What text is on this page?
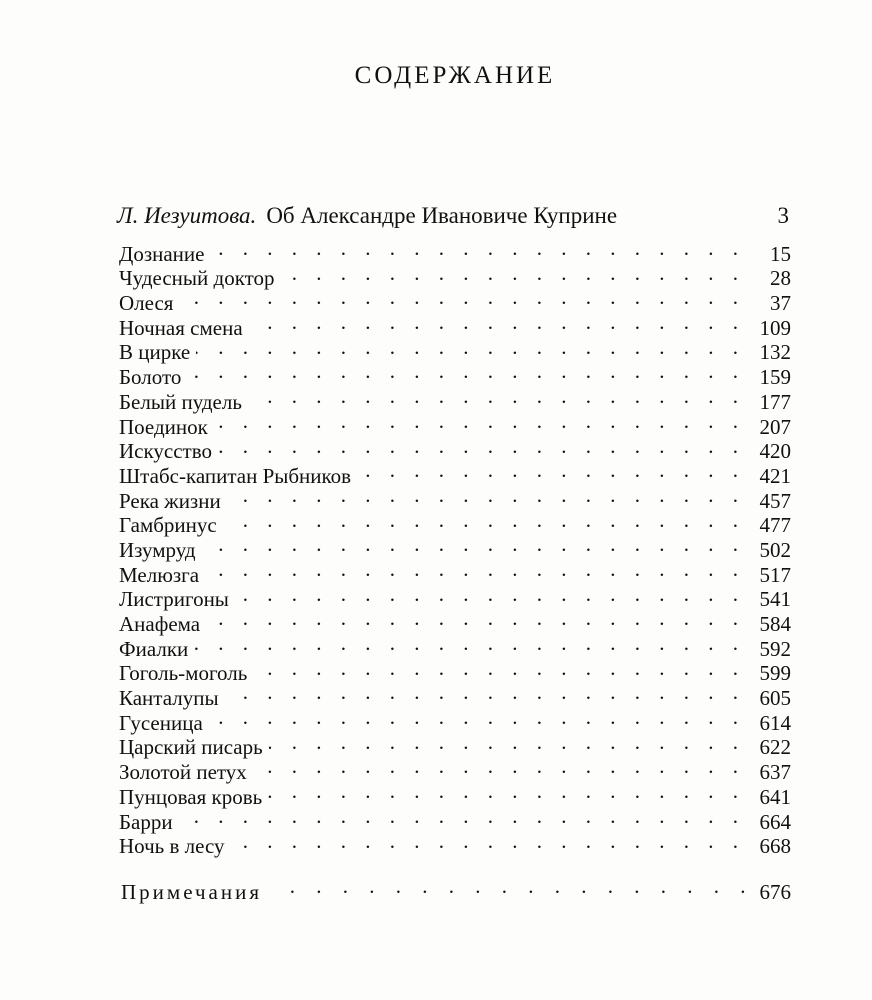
СОДЕРЖАНИЕ
Л. Иезуитова. Об Александре Ивановиче Куприне	3
Дознание . . .	15
Чудесный доктор . . .	28
Олеся . . .	37
Ночная смена . . .	109
В цирке . . .	132
Болото . . .	159
Белый пудель . . .	177
Поединок . . .	207
Искусство . . .	420
Штабс-капитан Рыбников . . .	421
Река жизни . . .	457
Гамбринус . . .	477
Изумруд . . .	502
Мелюзга . . .	517
Листригоны . . .	541
Анафема . . .	584
Фиалки . . .	592
Гоголь-моголь . . .	599
Канталупы . . .	605
Гусеница . . .	614
Царский писарь . . .	622
Золотой петух . . .	637
Пунцовая кровь . . .	641
Барри . . .	664
Ночь в лесу . . .	668
Примечания . . .	676
